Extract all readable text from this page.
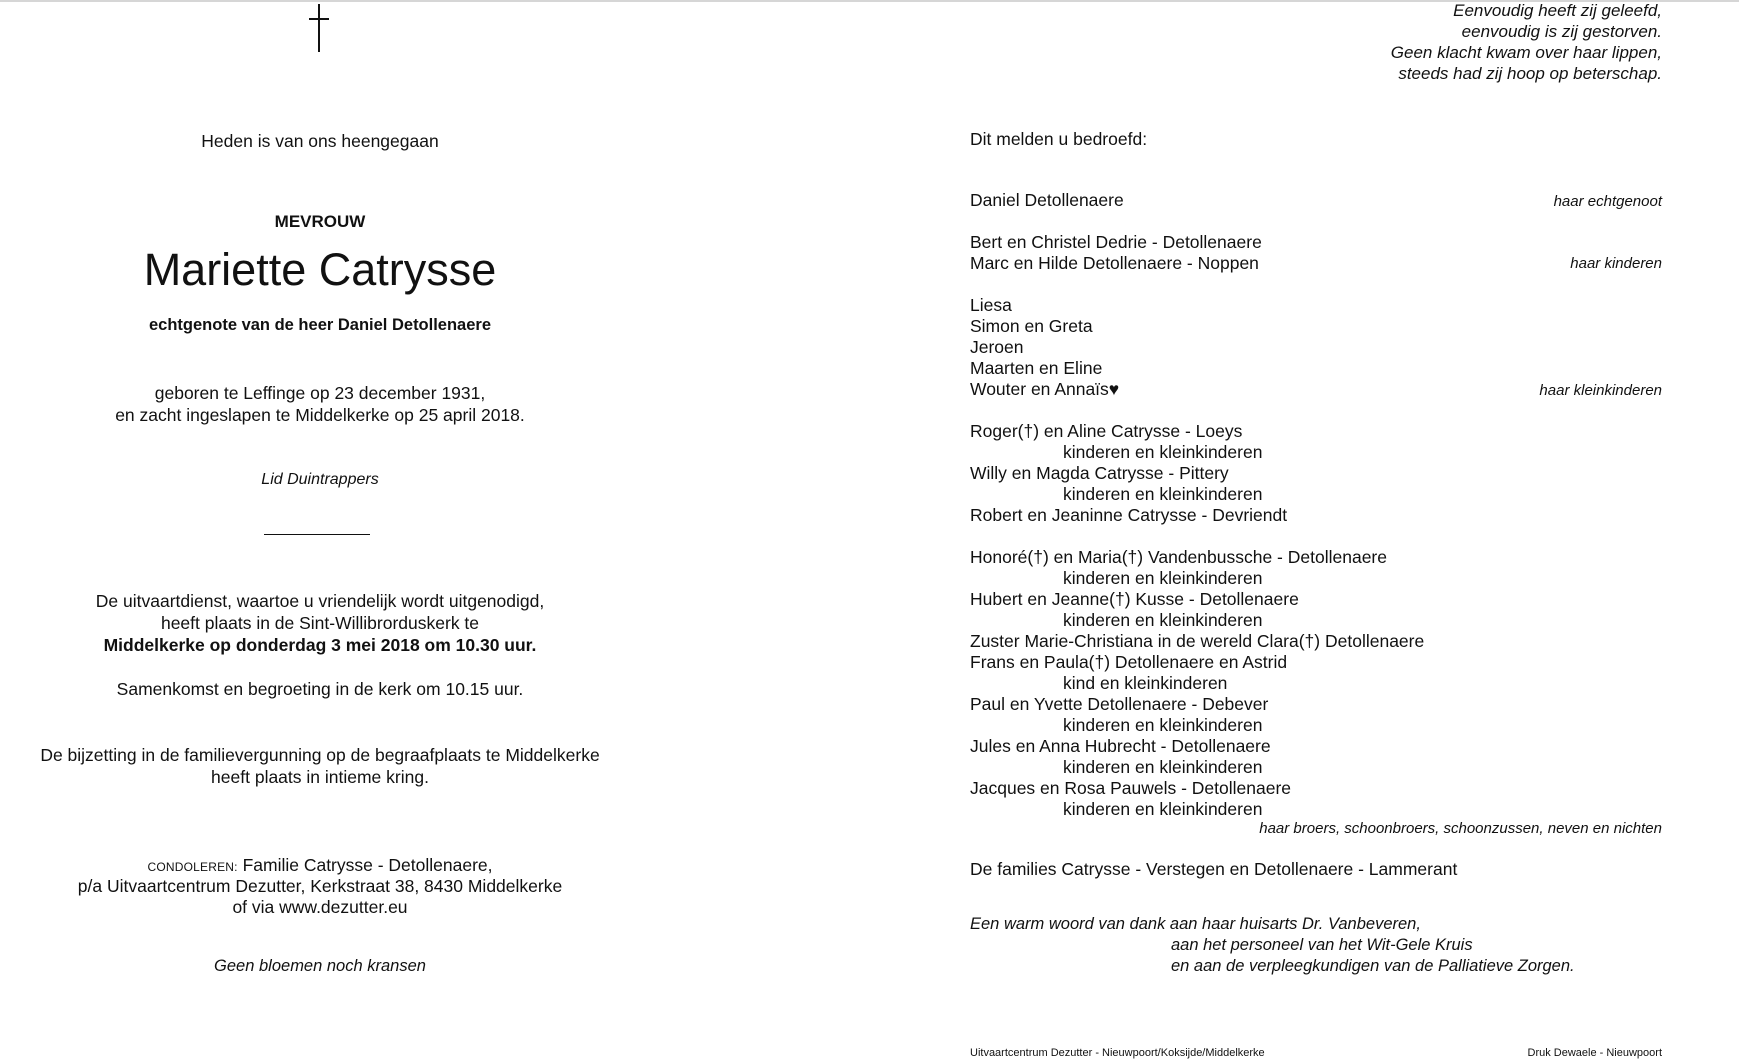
Heden is van ons heengegaan
MEVROUW
Mariette Catrysse
echtgenote van de heer Daniel Detollenaere
geboren te Leffinge op 23 december 1931,
en zacht ingeslapen te Middelkerke op 25 april 2018.
Lid Duintrappers
De uitvaartdienst, waartoe u vriendelijk wordt uitgenodigd,
heeft plaats in de Sint-Willibrorduskerk te
Middelkerke op donderdag 3 mei 2018 om 10.30 uur.
Samenkomst en begroeting in de kerk om 10.15 uur.
De bijzetting in de familievergunning op de begraafplaats te Middelkerke
heeft plaats in intieme kring.
CONDOLEREN: Familie Catrysse - Detollenaere,
p/a Uitvaartcentrum Dezutter, Kerkstraat 38, 8430 Middelkerke
of via www.dezutter.eu
Geen bloemen noch kransen
Eenvoudig heeft zij geleefd,
eenvoudig is zij gestorven.
Geen klacht kwam over haar lippen,
steeds had zij hoop op beterschap.
Dit melden u bedroefd:
Daniel Detollenaere	haar echtgenoot
Bert en Christel Dedrie - Detollenaere
Marc en Hilde Detollenaere - Noppen	haar kinderen
Liesa
Simon en Greta
Jeroen
Maarten en Eline
Wouter en Annaïs♥	haar kleinkinderen
Roger(†) en Aline Catrysse - Loeys
kinderen en kleinkinderen
Willy en Magda Catrysse - Pittery
kinderen en kleinkinderen
Robert en Jeaninne Catrysse - Devriendt
Honoré(†) en Maria(†) Vandenbussche - Detollenaere
kinderen en kleinkinderen
Hubert en Jeanne(†) Kusse - Detollenaere
kinderen en kleinkinderen
Zuster Marie-Christiana in de wereld Clara(†) Detollenaere
Frans en Paula(†) Detollenaere en Astrid
kind en kleinkinderen
Paul en Yvette Detollenaere - Debever
kinderen en kleinkinderen
Jules en Anna Hubrecht - Detollenaere
kinderen en kleinkinderen
Jacques en Rosa Pauwels - Detollenaere
kinderen en kleinkinderen
haar broers, schoonbroers, schoonzussen, neven en nichten
De families Catrysse - Verstegen en Detollenaere - Lammerant
Een warm woord van dank aan haar huisarts Dr. Vanbeveren,
aan het personeel van het Wit-Gele Kruis
en aan de verpleegkundigen van de Palliatieve Zorgen.
Uitvaartcentrum Dezutter - Nieuwpoort/Koksijde/Middelkerke	Druk Dewaele - Nieuwpoort
